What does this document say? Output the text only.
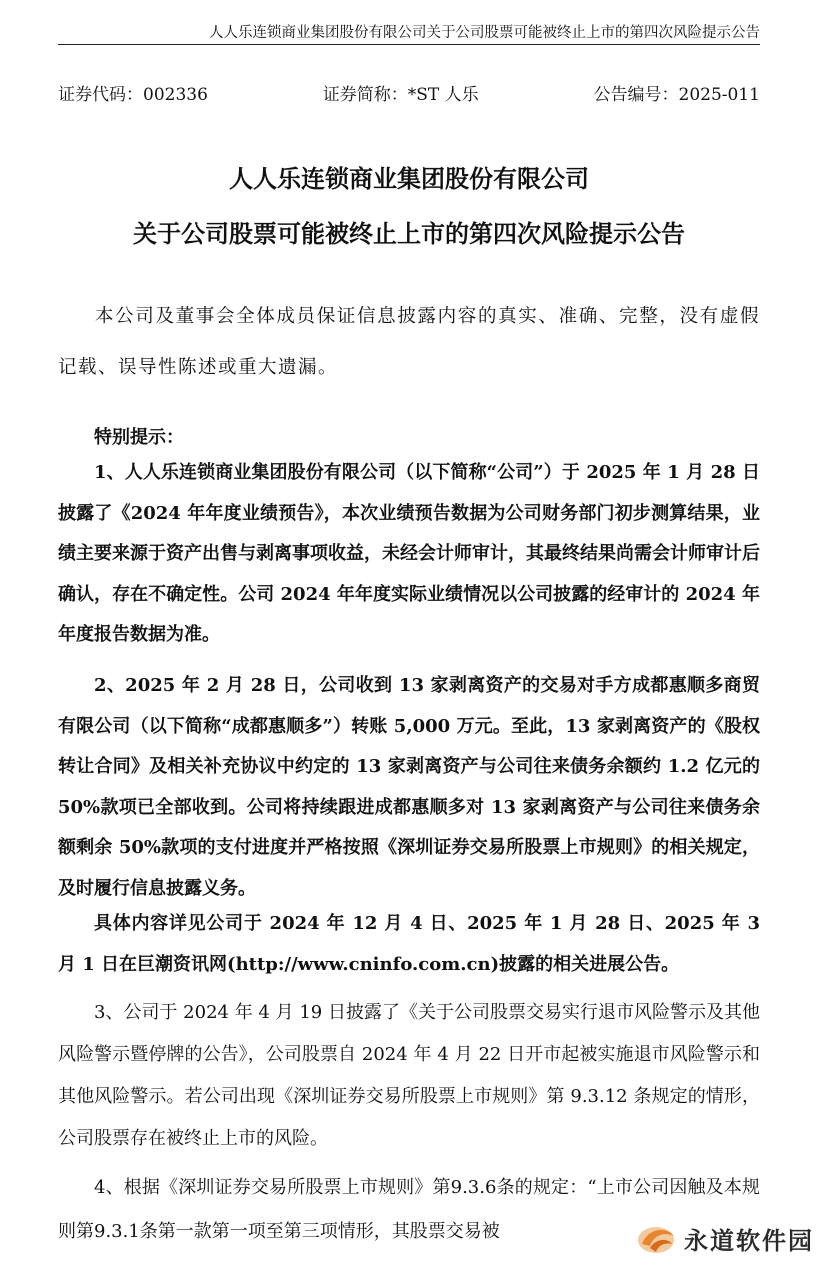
人人乐连锁商业集团股份有限公司关于公司股票可能被终止上市的第四次风险提示公告
证券代码：002336	证券简称：*ST 人乐	公告编号：2025-011
人人乐连锁商业集团股份有限公司
关于公司股票可能被终止上市的第四次风险提示公告

本公司及董事会全体成员保证信息披露内容的真实、准确、完整，没有虚假记载、误导性陈述或重大遗漏。

特别提示：

1、人人乐连锁商业集团股份有限公司（以下简称“公司”）于 2025 年 1 月 28 日披露了《2024 年年度业绩预告》，本次业绩预告数据为公司财务部门初步测算结果，业绩主要来源于资产出售与剥离事项收益，未经会计师审计，其最终结果尚需会计师审计后确认，存在不确定性。公司 2024 年年度实际业绩情况以公司披露的经审计的 2024 年年度报告数据为准。

2、2025 年 2 月 28 日，公司收到 13 家剥离资产的交易对手方成都惠顺多商贸有限公司（以下简称“成都惠顺多”）转账 5,000 万元。至此，13 家剥离资产的《股权转让合同》及相关补充协议中约定的 13 家剥离资产与公司往来债务余额约 1.2 亿元的 50%款项已全部收到。公司将持续跟进成都惠顺多对 13 家剥离资产与公司往来债务余额剩余 50%款项的支付进度并严格按照《深圳证券交易所股票上市规则》的相关规定，及时履行信息披露义务。

具体内容详见公司于 2024 年 12 月 4 日、2025 年 1 月 28 日、2025 年 3 月 1 日在巨潮资讯网(http://www.cninfo.com.cn)披露的相关进展公告。

3、公司于 2024 年 4 月 19 日披露了《关于公司股票交易实行退市风险警示及其他风险警示暨停牌的公告》，公司股票自 2024 年 4 月 22 日开市起被实施退市风险警示和其他风险警示。若公司出现《深圳证券交易所股票上市规则》第 9.3.12 条规定的情形，公司股票存在被终止上市的风险。

4、根据《深圳证券交易所股票上市规则》第9.3.6条的规定：“上市公司因触及本规则第9.3.1条第一款第一项至第三项情形，其股票交易被	永道软件园
